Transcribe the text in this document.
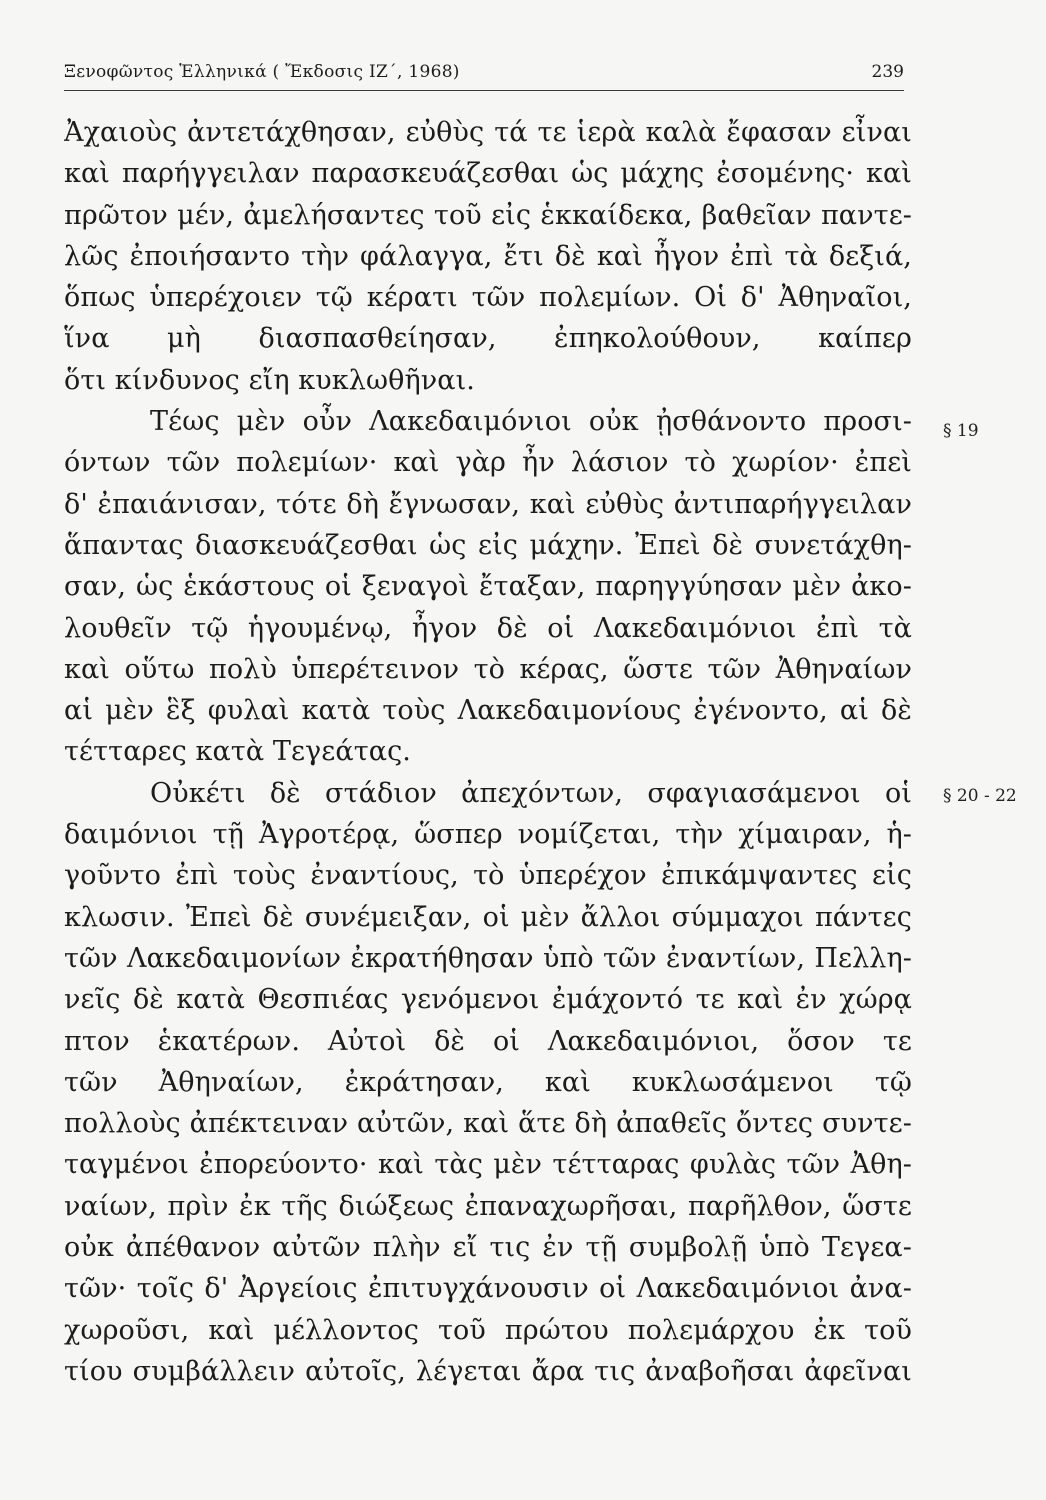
Ξενοφῶντος Ἑλληνικά ( Ἔκδοσις ΙΖ΄, 1968)	239
Ἀχαιοὺς ἀντετάχθησαν, εὐθὺς τά τε ἱερὰ καλὰ ἔφασαν εἶναι
καὶ παρήγγειλαν παρασκευάζεσθαι ὡς μάχης ἐσομένης· καὶ
πρῶτον μέν, ἀμελήσαντες τοῦ εἰς ἑκκαίδεκα, βαθεῖαν παντε-
λῶς ἐποιήσαντο τὴν φάλαγγα, ἔτι δὲ καὶ ἦγον ἐπὶ τὰ δεξιά,
ὅπως ὑπερέχοιεν τῷ κέρατι τῶν πολεμίων. Οἱ δ' Ἀθηναῖοι,
ἵνα μὴ διασπασθείησαν, ἐπηκολούθουν, καίπερ
ὅτι κίνδυνος εἴη κυκλωθῆναι.
Τέως μὲν οὖν Λακεδαιμόνιοι οὐκ ᾐσθάνοντο προσι-
όντων τῶν πολεμίων· καὶ γὰρ ἦν λάσιον τὸ χωρίον· ἐπεὶ
δ' ἐπαιάνισαν, τότε δὴ ἔγνωσαν, καὶ εὐθὺς ἀντιπαρήγγειλαν
ἅπαντας διασκευάζεσθαι ὡς εἰς μάχην. Ἐπεὶ δὲ συνετάχθη-
σαν, ὡς ἑκάστους οἱ ξεναγοὶ ἔταξαν, παρηγγύησαν μὲν ἀκο-
λουθεῖν τῷ ἡγουμένῳ, ἦγον δὲ οἱ Λακεδαιμόνιοι ἐπὶ τὰ
καὶ οὕτω πολὺ ὑπερέτεινον τὸ κέρας, ὥστε τῶν Ἀθηναίων
αἱ μὲν ἓξ φυλαὶ κατὰ τοὺς Λακεδαιμονίους ἐγένοντο, αἱ δὲ
τέτταρες κατὰ Τεγεάτας.
Οὐκέτι δὲ στάδιον ἀπεχόντων, σφαγιασάμενοι οἱ
δαιμόνιοι τῇ Ἀγροτέρᾳ, ὥσπερ νομίζεται, τὴν χίμαιραν, ἡ-
γοῦντο ἐπὶ τοὺς ἐναντίους, τὸ ὑπερέχον ἐπικάμψαντες εἰς
κλωσιν. Ἐπεὶ δὲ συνέμειξαν, οἱ μὲν ἄλλοι σύμμαχοι πάντες
τῶν Λακεδαιμονίων ἐκρατήθησαν ὑπὸ τῶν ἐναντίων, Πελλη-
νεῖς δὲ κατὰ Θεσπιέας γενόμενοι ἐμάχοντό τε καὶ ἐν χώρᾳ
πτον ἑκατέρων. Αὐτοὶ δὲ οἱ Λακεδαιμόνιοι, ὅσον τε
τῶν Ἀθηναίων, ἐκράτησαν, καὶ κυκλωσάμενοι τῷ
πολλοὺς ἀπέκτειναν αὐτῶν, καὶ ἅτε δὴ ἀπαθεῖς ὄντες συντε-
ταγμένοι ἐπορεύοντο· καὶ τὰς μὲν τέτταρας φυλὰς τῶν Ἀθη-
ναίων, πρὶν ἐκ τῆς διώξεως ἐπαναχωρῆσαι, παρῆλθον, ὥστε
οὐκ ἀπέθανον αὐτῶν πλὴν εἴ τις ἐν τῇ συμβολῇ ὑπὸ Τεγεα-
τῶν· τοῖς δ' Ἀργείοις ἐπιτυγχάνουσιν οἱ Λακεδαιμόνιοι ἀνα-
χωροῦσι, καὶ μέλλοντος τοῦ πρώτου πολεμάρχου ἐκ τοῦ
τίου συμβάλλειν αὐτοῖς, λέγεται ἄρα τις ἀναβοῆσαι ἀφεῖναι
§ 19
§ 20 - 22
